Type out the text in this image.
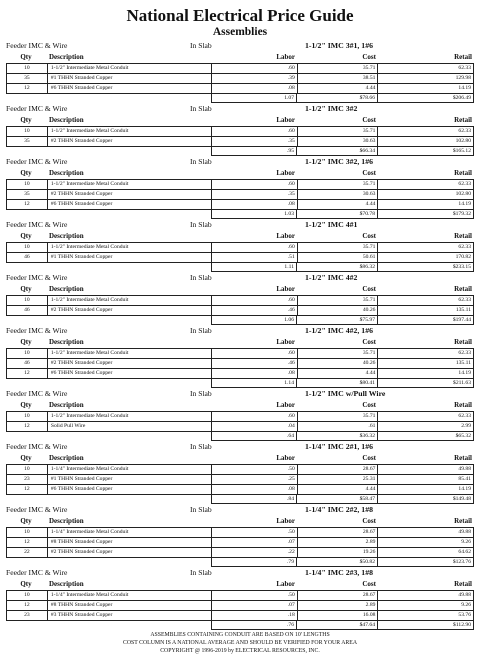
National Electrical Price Guide
Assemblies
Feeder IMC & Wire	In Slab	1-1/2" IMC 3#1, 1#6
Qty	Description	Labor	Cost	Retail
10	1-1/2" Intermediate Metal Conduit	.60	35.71	62.33
35	#1 THHN Stranded Copper	.39	38.51	129.98
12	#6 THHN Stranded Copper	.08	4.44	14.19
1.07	$78.66	$206.49
Feeder IMC & Wire	In Slab	1-1/2" IMC 3#2
Qty	Description	Labor	Cost	Retail
10	1-1/2" Intermediate Metal Conduit	.60	35.71	62.33
35	#2 THHN Stranded Copper	.35	30.63	102.80
.95	$66.34	$165.12
Feeder IMC & Wire	In Slab	1-1/2" IMC 3#2, 1#6
Qty	Description	Labor	Cost	Retail
10	1-1/2" Intermediate Metal Conduit	.60	35.71	62.33
35	#2 THHN Stranded Copper	.35	30.63	102.80
12	#6 THHN Stranded Copper	.08	4.44	14.19
1.03	$70.78	$179.32
Feeder IMC & Wire	In Slab	1-1/2" IMC 4#1
Qty	Description	Labor	Cost	Retail
10	1-1/2" Intermediate Metal Conduit	.60	35.71	62.33
46	#1 THHN Stranded Copper	.51	50.61	170.82
1.11	$86.32	$233.15
Feeder IMC & Wire	In Slab	1-1/2" IMC 4#2
Qty	Description	Labor	Cost	Retail
10	1-1/2" Intermediate Metal Conduit	.60	35.71	62.33
46	#2 THHN Stranded Copper	.46	40.26	135.11
1.06	$75.97	$197.44
Feeder IMC & Wire	In Slab	1-1/2" IMC 4#2, 1#6
Qty	Description	Labor	Cost	Retail
10	1-1/2" Intermediate Metal Conduit	.60	35.71	62.33
46	#2 THHN Stranded Copper	.46	40.26	135.11
12	#6 THHN Stranded Copper	.08	4.44	14.19
1.14	$80.41	$211.63
Feeder IMC & Wire	In Slab	1-1/2" IMC w/Pull Wire
Qty	Description	Labor	Cost	Retail
10	1-1/2" Intermediate Metal Conduit	.60	35.71	62.33
12	Solid Pull Wire	.04	.61	2.99
.64	$36.32	$65.32
Feeder IMC & Wire	In Slab	1-1/4" IMC 2#1, 1#6
Qty	Description	Labor	Cost	Retail
10	1-1/4" Intermediate Metal Conduit	.50	28.67	49.88
23	#1 THHN Stranded Copper	.25	25.31	85.41
12	#6 THHN Stranded Copper	.08	4.44	14.19
.84	$58.47	$149.48
Feeder IMC & Wire	In Slab	1-1/4" IMC 2#2, 1#8
Qty	Description	Labor	Cost	Retail
10	1-1/4" Intermediate Metal Conduit	.50	28.67	49.88
12	#8 THHN Stranded Copper	.07	2.89	9.26
22	#2 THHN Stranded Copper	.22	19.26	64.62
.79	$50.82	$123.76
Feeder IMC & Wire	In Slab	1-1/4" IMC 2#3, 1#8
Qty	Description	Labor	Cost	Retail
10	1-1/4" Intermediate Metal Conduit	.50	28.67	49.88
12	#8 THHN Stranded Copper	.07	2.89	9.26
23	#3 THHN Stranded Copper	.18	16.08	53.76
.76	$47.64	$112.90
ASSEMBLIES CONTAINING CONDUIT ARE BASED ON 10' LENGTHS
COST COLUMN IS A NATIONAL AVERAGE AND SHOULD BE VERIFIED FOR YOUR AREA
COPYRIGHT @ 1996-2019 by ELECTRICAL RESOURCES, INC.
